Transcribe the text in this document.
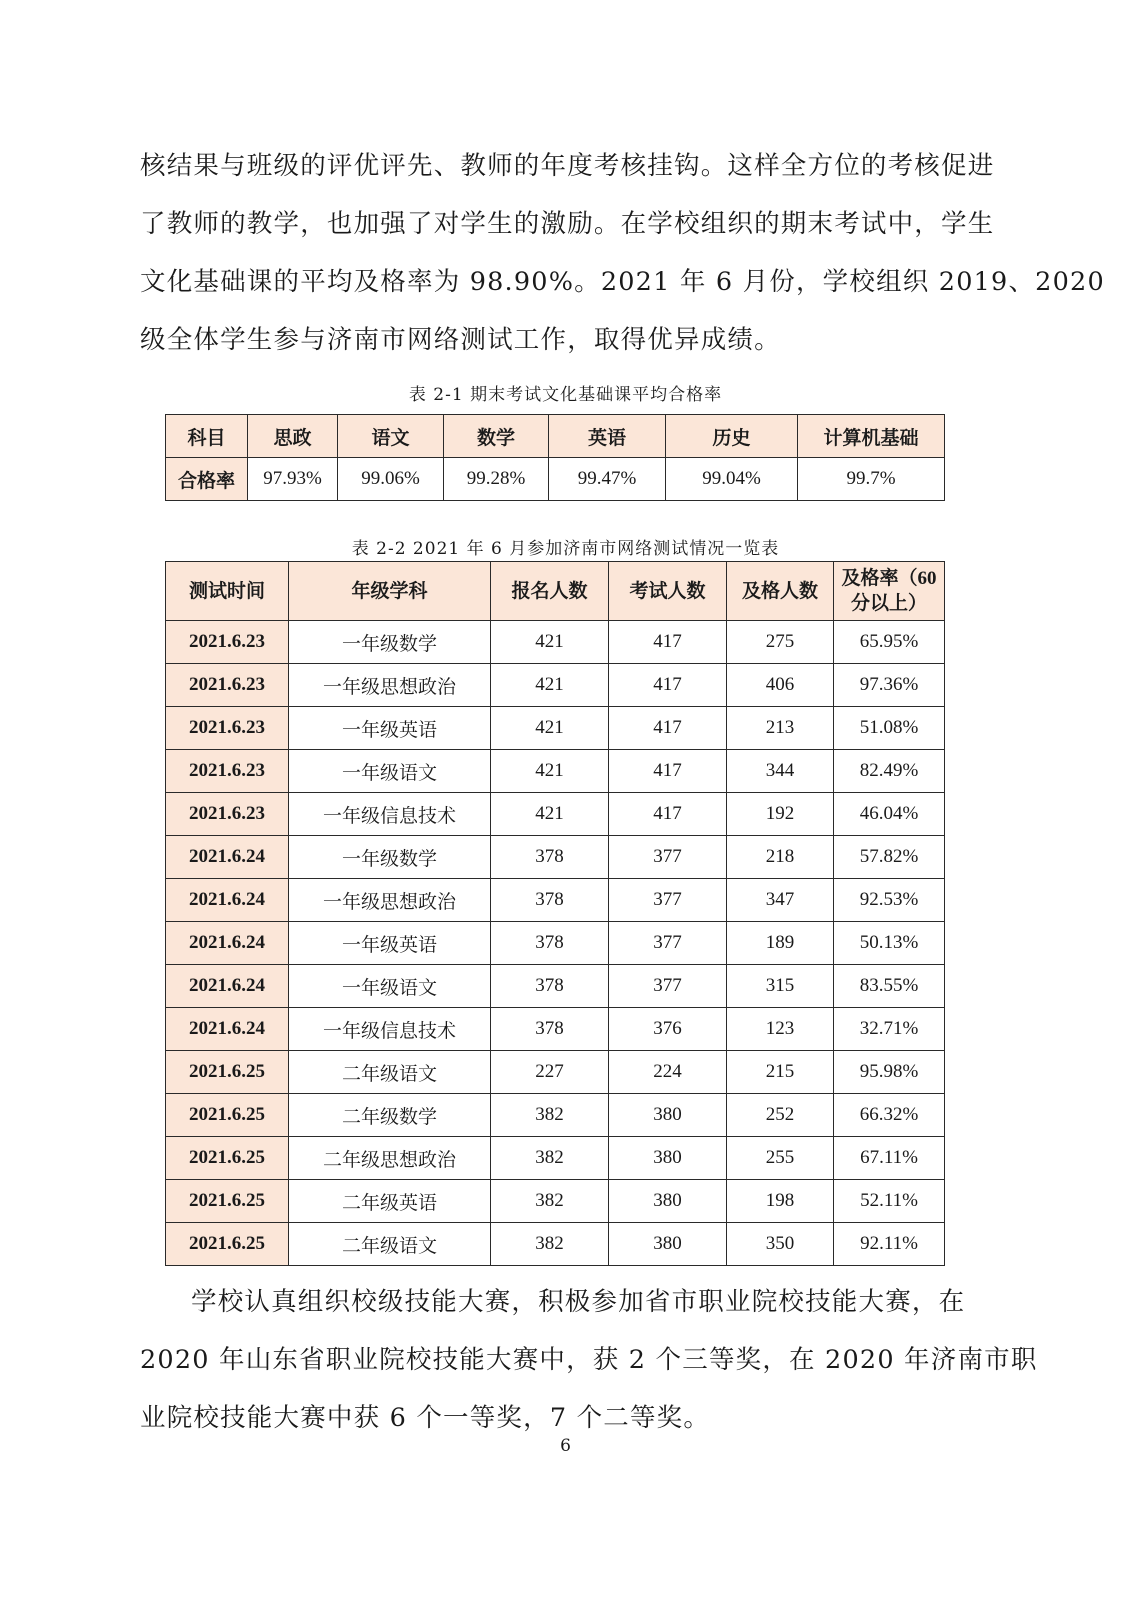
核结果与班级的评优评先、教师的年度考核挂钩。这样全方位的考核促进

了教师的教学，也加强了对学生的激励。在学校组织的期末考试中，学生

文化基础课的平均及格率为 98.90%。2021 年 6 月份，学校组织 2019、2020

级全体学生参与济南市网络测试工作，取得优异成绩。

表 2-1 期末考试文化基础课平均合格率
科目	思政	语文	数学	英语	历史	计算机基础
合格率	97.93%	99.06%	99.28%	99.47%	99.04%	99.7%
表 2-2 2021 年 6 月参加济南市网络测试情况一览表
测试时间	年级学科	报名人数	考试人数	及格人数	及格率（60 分以上）
2021.6.23	一年级数学	421	417	275	65.95%
2021.6.23	一年级思想政治	421	417	406	97.36%
2021.6.23	一年级英语	421	417	213	51.08%
2021.6.23	一年级语文	421	417	344	82.49%
2021.6.23	一年级信息技术	421	417	192	46.04%
2021.6.24	一年级数学	378	377	218	57.82%
2021.6.24	一年级思想政治	378	377	347	92.53%
2021.6.24	一年级英语	378	377	189	50.13%
2021.6.24	一年级语文	378	377	315	83.55%
2021.6.24	一年级信息技术	378	376	123	32.71%
2021.6.25	二年级语文	227	224	215	95.98%
2021.6.25	二年级数学	382	380	252	66.32%
2021.6.25	二年级思想政治	382	380	255	67.11%
2021.6.25	二年级英语	382	380	198	52.11%
2021.6.25	二年级语文	382	380	350	92.11%

学校认真组织校级技能大赛，积极参加省市职业院校技能大赛，在

2020 年山东省职业院校技能大赛中，获 2 个三等奖，在 2020 年济南市职

业院校技能大赛中获 6 个一等奖，7 个二等奖。

6
